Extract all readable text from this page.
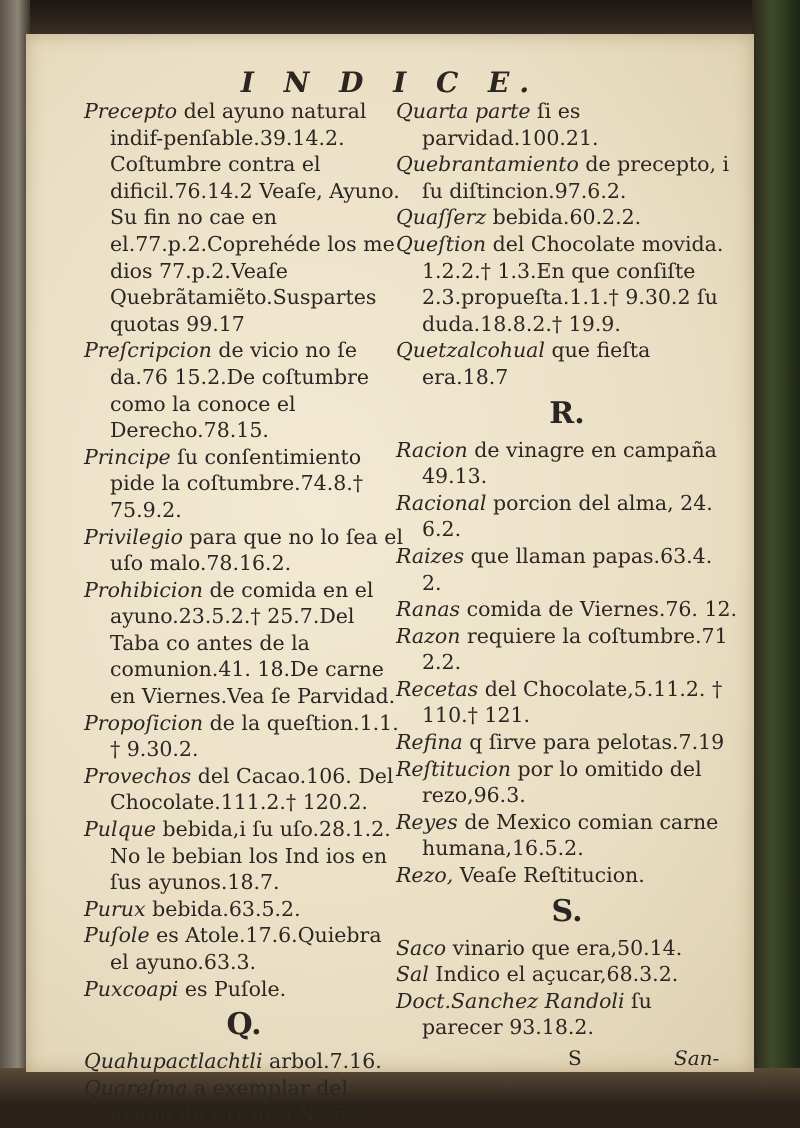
I N D I C E.

Precepto del ayuno natural indif-penſable.39.14.2. Coſtumbre contra el dificil.76.14.2 Veaſe, Ayuno. Su fin no cae en el.77.p.2.Coprehéde los me dios 77.p.2.Veaſe Quebrãtamiẽto.Suspartes quotas 99.17

Preſcripcion de vicio no ſe da.76 15.2.De coſtumbre como la conoce el Derecho.78.15.

Principe ſu conſentimiento pide la coſtumbre.74.8.† 75.9.2.

Privilegio para que no lo ſea el uſo malo.78.16.2.

Prohibicion de comida en el ayuno.23.5.2.† 25.7.Del Taba co antes de la comunion.41. 18.De carne en Viernes.Vea ſe Parvidad.

Propoſicion de la queſtion.1.1. † 9.30.2.

Provechos del Cacao.106. Del Chocolate.111.2.† 120.2.

Pulque bebida,i ſu uſo.28.1.2. No le bebian los Ind ios en ſus ayunos.18.7.

Purux bebida.63.5.2.

Puſole es Atole.17.6.Quiebra el ayuno.63.3.

Puxcoapi es Puſole.

Q.

Quahupactlachtli arbol.7.16.

Quareſma a exemplar del ayuno de Criſto S.N.35.7.

Quarta parte ſi es parvidad.100.21.

Quebrantamiento de precepto, i ſu diſtincion.97.6.2.

Quaſſerz bebida.60.2.2.

Queſtion del Chocolate movida. 1.2.2.† 1.3.En que conſiſte 2.3.propueſta.1.1.† 9.30.2 ſu duda.18.8.2.† 19.9.

Quetzalcohual que fieſta era.18.7

R.

Racion de vinagre en campaña 49.13.

Racional porcion del alma, 24. 6.2.

Raizes que llaman papas.63.4. 2.

Ranas comida de Viernes.76. 12.

Razon requiere la coſtumbre.71 2.2.

Recetas del Chocolate,5.11.2. † 110.† 121.

Refina q ſirve para pelotas.7.19

Reſtitucion por lo omitido del rezo,96.3.

Reyes de Mexico comian carne humana,16.5.2.

Rezo, Veaſe Reſtitucion.

S.

Saco vinario que era,50.14.

Sal Indico el açucar,68.3.2.

Doct.Sanchez Randoli ſu parecer 93.18.2.

S	San-
